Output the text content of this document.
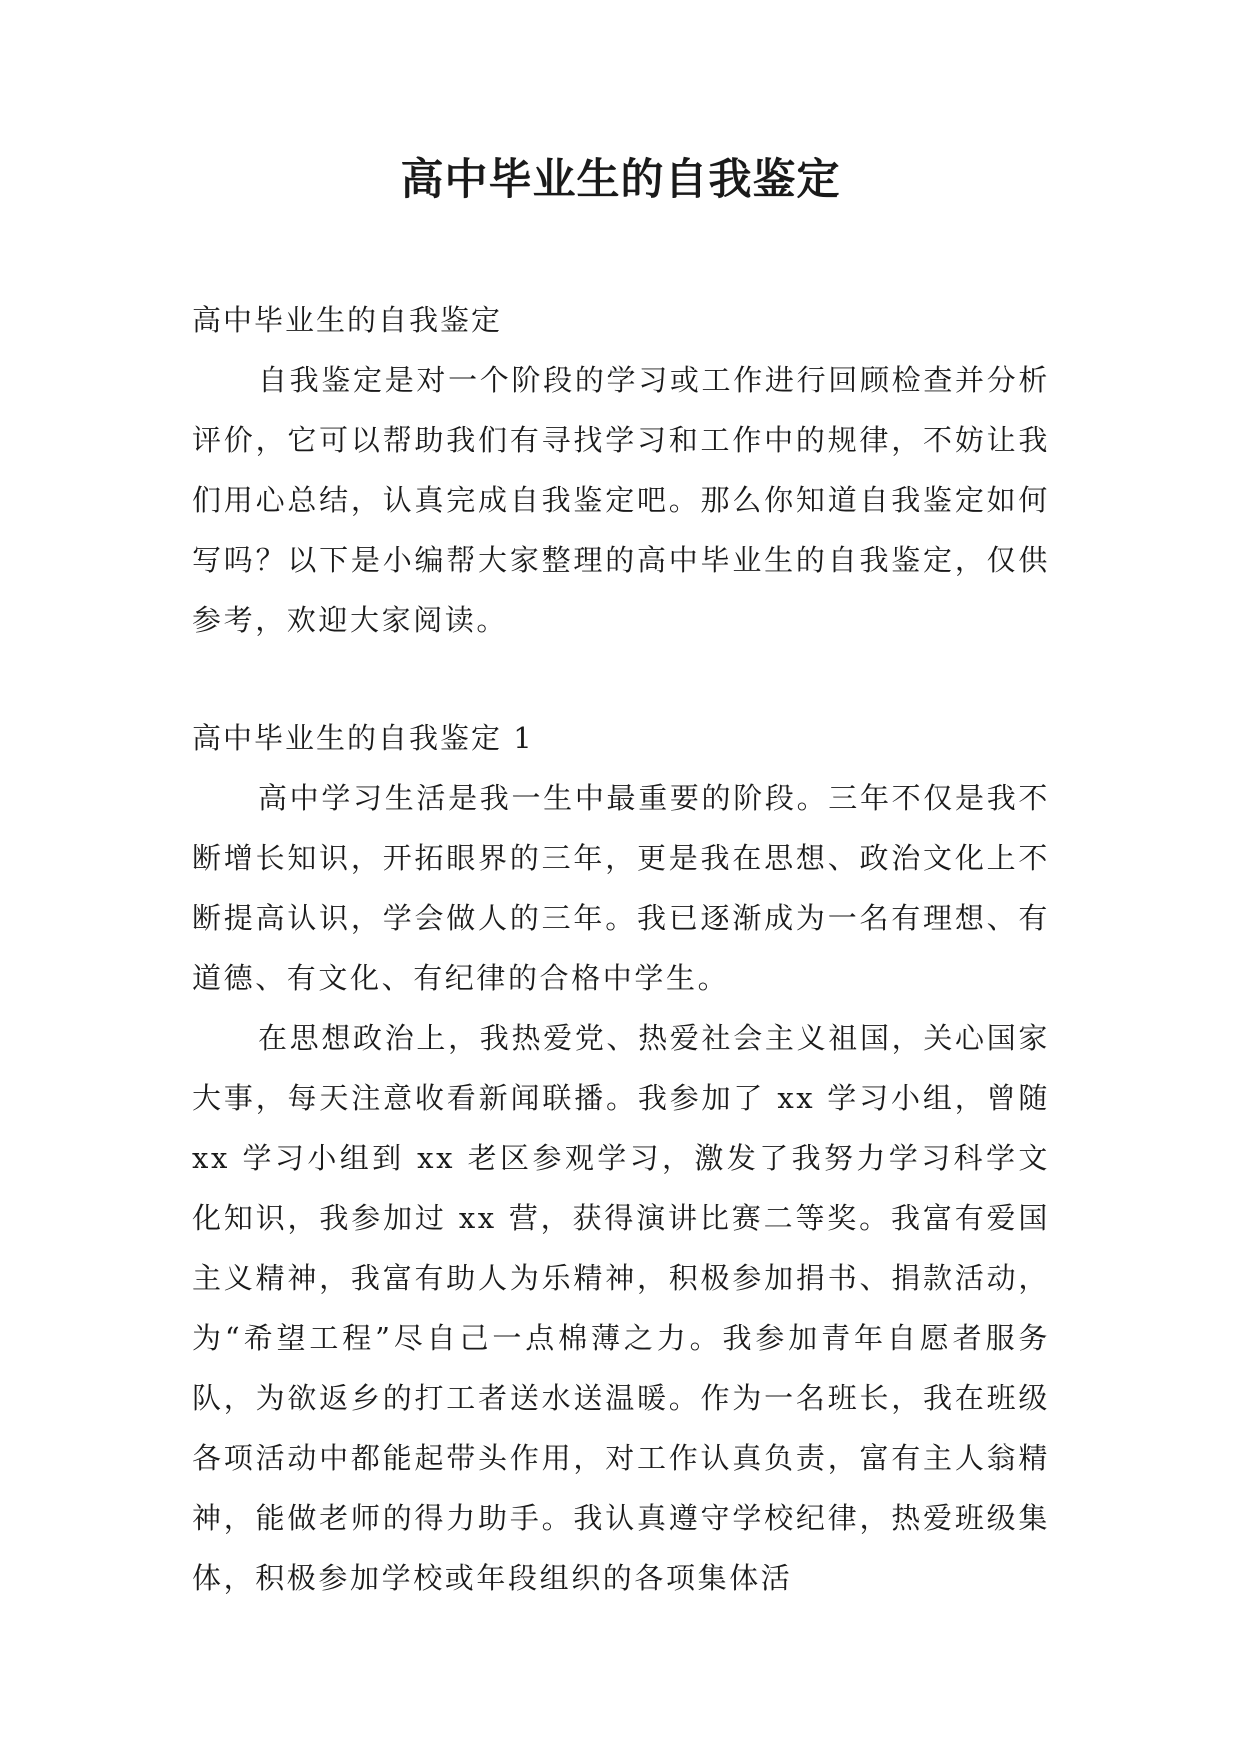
高中毕业生的自我鉴定

高中毕业生的自我鉴定

自我鉴定是对一个阶段的学习或工作进行回顾检查并分析评价，它可以帮助我们有寻找学习和工作中的规律，不妨让我们用心总结，认真完成自我鉴定吧。那么你知道自我鉴定如何写吗？以下是小编帮大家整理的高中毕业生的自我鉴定，仅供参考，欢迎大家阅读。

高中毕业生的自我鉴定 1

高中学习生活是我一生中最重要的阶段。三年不仅是我不断增长知识，开拓眼界的三年，更是我在思想、政治文化上不断提高认识，学会做人的三年。我已逐渐成为一名有理想、有道德、有文化、有纪律的合格中学生。

在思想政治上，我热爱党、热爱社会主义祖国，关心国家大事，每天注意收看新闻联播。我参加了 xx 学习小组，曾随 xx 学习小组到 xx 老区参观学习，激发了我努力学习科学文化知识，我参加过 xx 营，获得演讲比赛二等奖。我富有爱国主义精神，我富有助人为乐精神，积极参加捐书、捐款活动，为“希望工程”尽自己一点棉薄之力。我参加青年自愿者服务队，为欲返乡的打工者送水送温暖。作为一名班长，我在班级各项活动中都能起带头作用，对工作认真负责，富有主人翁精神，能做老师的得力助手。我认真遵守学校纪律，热爱班级集体，积极参加学校或年段组织的各项集体活
